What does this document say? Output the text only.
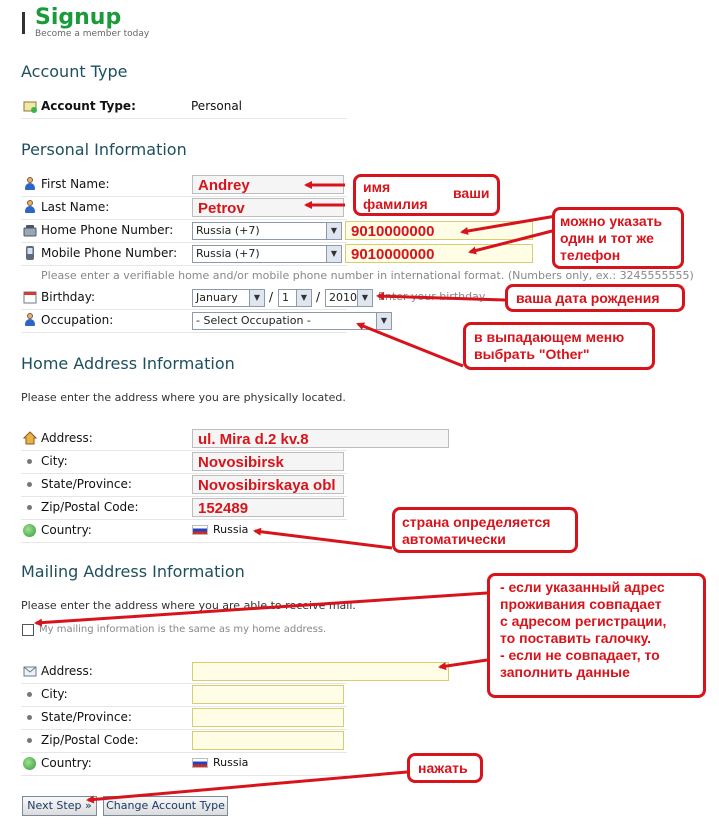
Signup
Become a member today
Account Type
Account Type:	Personal
Personal Information
First Name:	Andrey
Last Name:	Petrov
Home Phone Number:	Russia (+7)	▼ 9010000000
Mobile Phone Number:	Russia (+7)	▼ 9010000000
Please enter a verifiable home and/or mobile phone number in international format. (Numbers only, ex.: 3245555555)
Birthday:	January	▼ / 1	▼ / 2010 ▼ Enter your birthday
Occupation:	- Select Occupation -	▼
Home Address Information
Please enter the address where you are physically located.
Address:	ul. Mira d.2 kv.8
City:	Novosibirsk
State/Province:	Novosibirskaya obl
Zip/Postal Code:	152489
Country:	Russia
Mailing Address Information
Please enter the address where you are able to receive mail.
My mailing information is the same as my home address.
Address:
City:
State/Province:
Zip/Postal Code:
Country:	Russia
Next Step »	Change Account Type
имя
фамилия
ваши
можно указать
один и тот же
телефон
ваша дата рождения
в выпадающем меню
выбрать "Other"
страна определяется
автоматически
- если указанный адрес
проживания совпадает
с адресом регистрации,
то поставить галочку.
- если не совпадает, то
заполнить данные
нажать
